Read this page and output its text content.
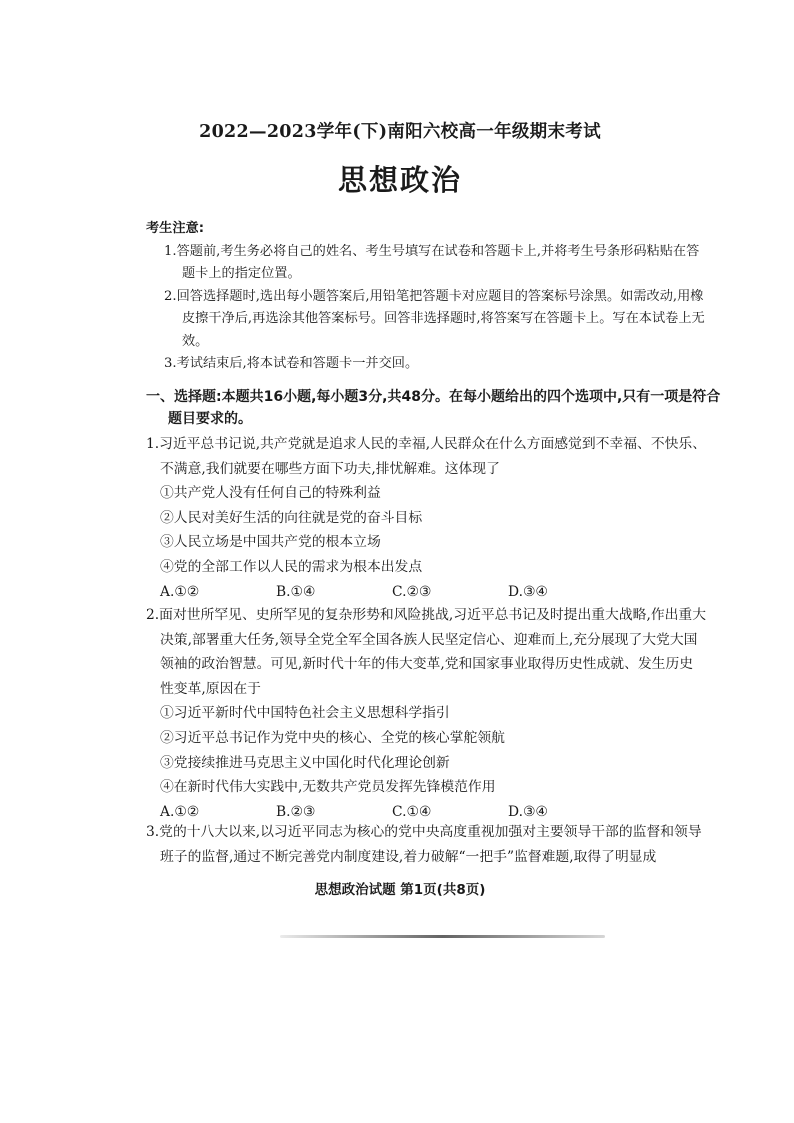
2022—2023学年(下)南阳六校高一年级期末考试
思想政治
考生注意:
1.答题前,考生务必将自己的姓名、考生号填写在试卷和答题卡上,并将考生号条形码粘贴在答题卡上的指定位置。
2.回答选择题时,选出每小题答案后,用铅笔把答题卡对应题目的答案标号涂黑。如需改动,用橡皮擦干净后,再选涂其他答案标号。回答非选择题时,将答案写在答题卡上。写在本试卷上无效。
3.考试结束后,将本试卷和答题卡一并交回。
一、选择题:本题共16小题,每小题3分,共48分。在每小题给出的四个选项中,只有一项是符合题目要求的。
1.习近平总书记说,共产党就是追求人民的幸福,人民群众在什么方面感觉到不幸福、不快乐、不满意,我们就要在哪些方面下功夫,排忧解难。这体现了
①共产党人没有任何自己的特殊利益
②人民对美好生活的向往就是党的奋斗目标
③人民立场是中国共产党的根本立场
④党的全部工作以人民的需求为根本出发点
A.①②	B.①④	C.②③	D.③④
2.面对世所罕见、史所罕见的复杂形势和风险挑战,习近平总书记及时提出重大战略,作出重大决策,部署重大任务,领导全党全军全国各族人民坚定信心、迎难而上,充分展现了大党大国领袖的政治智慧。可见,新时代十年的伟大变革,党和国家事业取得历史性成就、发生历史性变革,原因在于
①习近平新时代中国特色社会主义思想科学指引
②习近平总书记作为党中央的核心、全党的核心掌舵领航
③党接续推进马克思主义中国化时代化理论创新
④在新时代伟大实践中,无数共产党员发挥先锋模范作用
A.①②	B.②③	C.①④	D.③④
3.党的十八大以来,以习近平同志为核心的党中央高度重视加强对主要领导干部的监督和领导班子的监督,通过不断完善党内制度建设,着力破解“一把手”监督难题,取得了明显成
思想政治试题 第1页(共8页)
